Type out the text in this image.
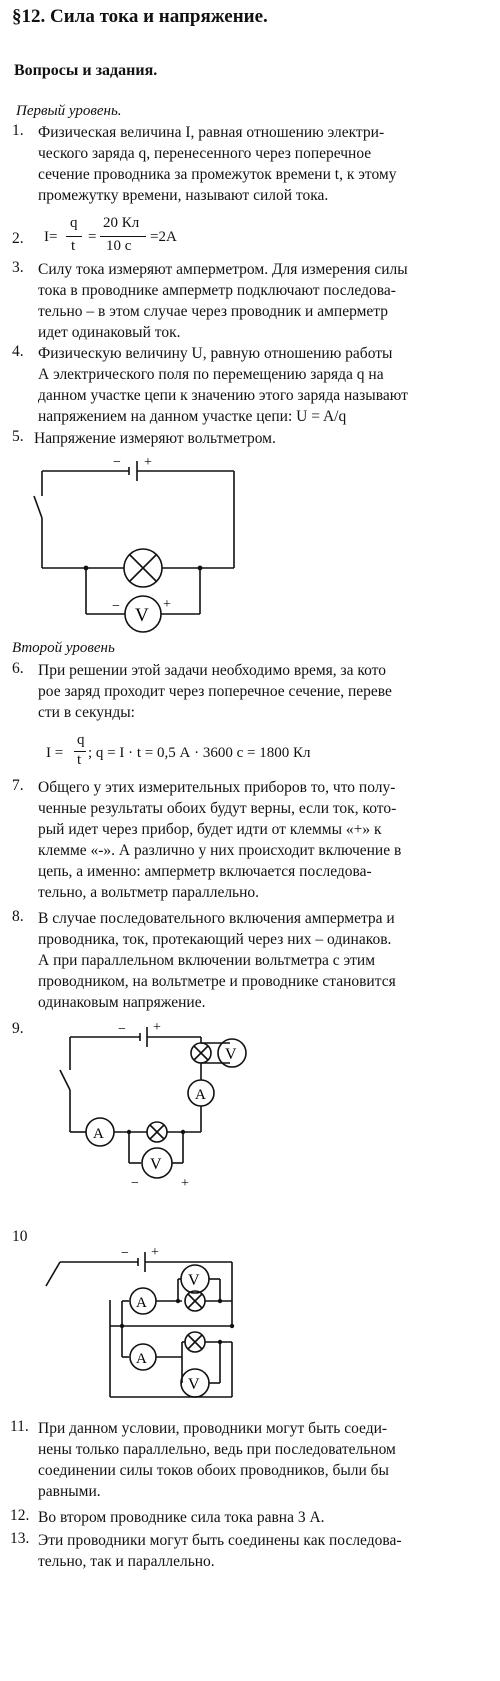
§12. Сила тока и напряжение.
Вопросы и задания.
Первый уровень.
1. Физическая величина I, равная отношению электри-
ческого заряда q, перенесенного через поперечное
сечение проводника за промежуток времени t, к этому
промежутку времени, называют силой тока.
2. I=
q
t
=
20 Кл
10 с
=2А
3. Силу тока измеряют амперметром. Для измерения силы
тока в проводнике амперметр подключают последова-
тельно – в этом случае через проводник и амперметр
идет одинаковый ток.
4. Физическую величину U, равную отношению работы
А электрического поля по перемещению заряда q на
данном участке цепи к значению этого заряда называют
напряжением на данном участке цепи: U = A/q
5. Напряжение измеряют вольтметром.
− +
V
−	+
Второй уровень
6. При решении этой задачи необходимо время, за кото
рое заряд проходит через поперечное сечение, переве
сти в секунды:
I =
q
t ; q = I · t = 0,5 А · 3600 с = 1800 Кл
7. Общего у этих измерительных приборов то, что полу-
ченные результаты обоих будут верны, если ток, кото-
рый идет через прибор, будет идти от клеммы «+» к
клемме «-». А различно у них происходит включение в
цепь, а именно: амперметр включается последова-
тельно, а вольтметр параллельно.
8. В случае последовательного включения амперметра и
проводника, ток, протекающий через них – одинаков.
А при параллельном включении вольтметра с этим
проводником, на вольтметре и проводнике становится
одинаковым напряжение.
9.	− +
V
A
A
V
−	+
10
− +
V
A
A
V
11. При данном условии, проводники могут быть соеди-
нены только параллельно, ведь при последовательном
соединении силы токов обоих проводников, были бы
равными.
12. Во втором проводнике сила тока равна 3 А.
13. Эти проводники могут быть соединены как последова-
тельно, так и параллельно.
